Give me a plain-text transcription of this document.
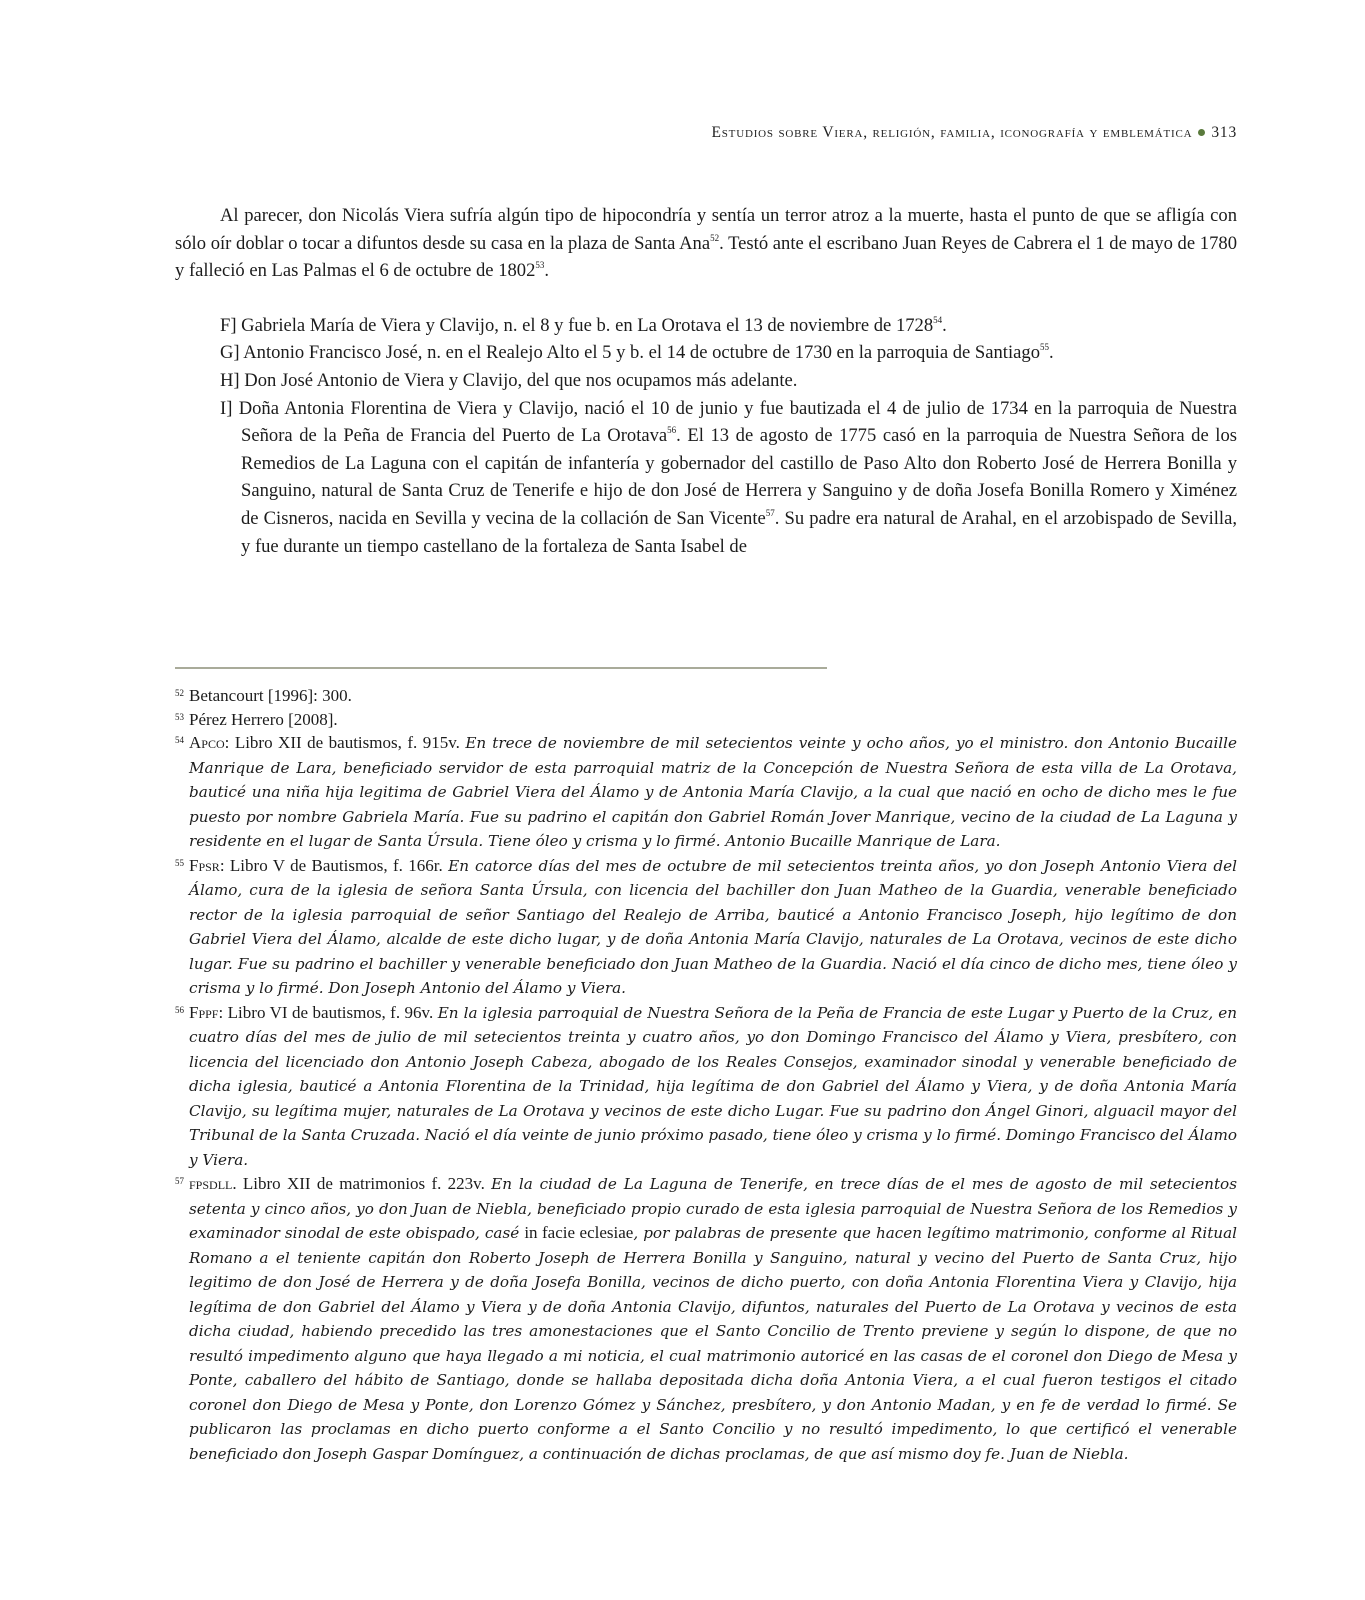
Estudios sobre Viera, religión, familia, iconografía y emblemática 313

Al parecer, don Nicolás Viera sufría algún tipo de hipocondría y sentía un terror atroz a la muerte, hasta el punto de que se afligía con sólo oír doblar o tocar a difuntos desde su casa en la plaza de Santa Ana$^{52}$. Testó ante el escribano Juan Reyes de Cabrera el 1 de mayo de 1780 y falleció en Las Palmas el 6 de octubre de 1802$^{53}$.

F] Gabriela María de Viera y Clavijo, n. el 8 y fue b. en La Orotava el 13 de noviembre de 1728$^{54}$.

G] Antonio Francisco José, n. en el Realejo Alto el 5 y b. el 14 de octubre de 1730 en la parroquia de Santiago$^{55}$.

H] Don José Antonio de Viera y Clavijo, del que nos ocupamos más adelante.

I] Doña Antonia Florentina de Viera y Clavijo, nació el 10 de junio y fue bautizada el 4 de julio de 1734 en la parroquia de Nuestra Señora de la Peña de Francia del Puerto de La Orotava$^{56}$. El 13 de agosto de 1775 casó en la parroquia de Nuestra Señora de los Remedios de La Laguna con el capitán de infantería y gobernador del castillo de Paso Alto don Roberto José de Herrera Bonilla y Sanguino, natural de Santa Cruz de Tenerife e hijo de don José de Herrera y Sanguino y de doña Josefa Bonilla Romero y Ximénez de Cisneros, nacida en Sevilla y vecina de la collación de San Vicente$^{57}$. Su padre era natural de Arahal, en el arzobispado de Sevilla, y fue durante un tiempo castellano de la fortaleza de Santa Isabel de

52 Betancourt [1996]: 300.
53 Pérez Herrero [2008].
54 Apco: Libro XII de bautismos, f. 915v. En trece de noviembre de mil setecientos veinte y ocho años, yo el ministro. don Antonio Bucaille Manrique de Lara, beneficiado servidor de esta parroquial matriz de la Concepción de Nuestra Señora de esta villa de La Orotava, bauticé una niña hija legitima de Gabriel Viera del Álamo y de Antonia María Clavijo, a la cual que nació en ocho de dicho mes le fue puesto por nombre Gabriela María. Fue su padrino el capitán don Gabriel Román Jover Manrique, vecino de la ciudad de La Laguna y residente en el lugar de Santa Úrsula. Tiene óleo y crisma y lo firmé. Antonio Bucaille Manrique de Lara.
55 Fpsr: Libro V de Bautismos, f. 166r. En catorce días del mes de octubre de mil setecientos treinta años, yo don Joseph Antonio Viera del Álamo, cura de la iglesia de señora Santa Úrsula, con licencia del bachiller don Juan Matheo de la Guardia, venerable beneficiado rector de la iglesia parroquial de señor Santiago del Realejo de Arriba, bauticé a Antonio Francisco Joseph, hijo legítimo de don Gabriel Viera del Álamo, alcalde de este dicho lugar, y de doña Antonia María Clavijo, naturales de La Orotava, vecinos de este dicho lugar. Fue su padrino el bachiller y venerable beneficiado don Juan Matheo de la Guardia. Nació el día cinco de dicho mes, tiene óleo y crisma y lo firmé. Don Joseph Antonio del Álamo y Viera.
56 Fppf: Libro VI de bautismos, f. 96v. En la iglesia parroquial de Nuestra Señora de la Peña de Francia de este Lugar y Puerto de la Cruz, en cuatro días del mes de julio de mil setecientos treinta y cuatro años, yo don Domingo Francisco del Álamo y Viera, presbítero, con licencia del licenciado don Antonio Joseph Cabeza, abogado de los Reales Consejos, examinador sinodal y venerable beneficiado de dicha iglesia, bauticé a Antonia Florentina de la Trinidad, hija legítima de don Gabriel del Álamo y Viera, y de doña Antonia María Clavijo, su legítima mujer, naturales de La Orotava y vecinos de este dicho Lugar. Fue su padrino don Ángel Ginori, alguacil mayor del Tribunal de la Santa Cruzada. Nació el día veinte de junio próximo pasado, tiene óleo y crisma y lo firmé. Domingo Francisco del Álamo y Viera.
57 fpsdll. Libro XII de matrimonios f. 223v. En la ciudad de La Laguna de Tenerife, en trece días de el mes de agosto de mil setecientos setenta y cinco años, yo don Juan de Niebla, beneficiado propio curado de esta iglesia parroquial de Nuestra Señora de los Remedios y examinador sinodal de este obispado, casé in facie eclesiae, por palabras de presente que hacen legítimo matrimonio, conforme al Ritual Romano a el teniente capitán don Roberto Joseph de Herrera Bonilla y Sanguino, natural y vecino del Puerto de Santa Cruz, hijo legitimo de don José de Herrera y de doña Josefa Bonilla, vecinos de dicho puerto, con doña Antonia Florentina Viera y Clavijo, hija legítima de don Gabriel del Álamo y Viera y de doña Antonia Clavijo, difuntos, naturales del Puerto de La Orotava y vecinos de esta dicha ciudad, habiendo precedido las tres amonestaciones que el Santo Concilio de Trento previene y según lo dispone, de que no resultó impedimento alguno que haya llegado a mi noticia, el cual matrimonio autoricé en las casas de el coronel don Diego de Mesa y Ponte, caballero del hábito de Santiago, donde se hallaba depositada dicha doña Antonia Viera, a el cual fueron testigos el citado coronel don Diego de Mesa y Ponte, don Lorenzo Gómez y Sánchez, presbítero, y don Antonio Madan, y en fe de verdad lo firmé. Se publicaron las proclamas en dicho puerto conforme a el Santo Concilio y no resultó impedimento, lo que certificó el venerable beneficiado don Joseph Gaspar Domínguez, a continuación de dichas proclamas, de que así mismo doy fe. Juan de Niebla.
